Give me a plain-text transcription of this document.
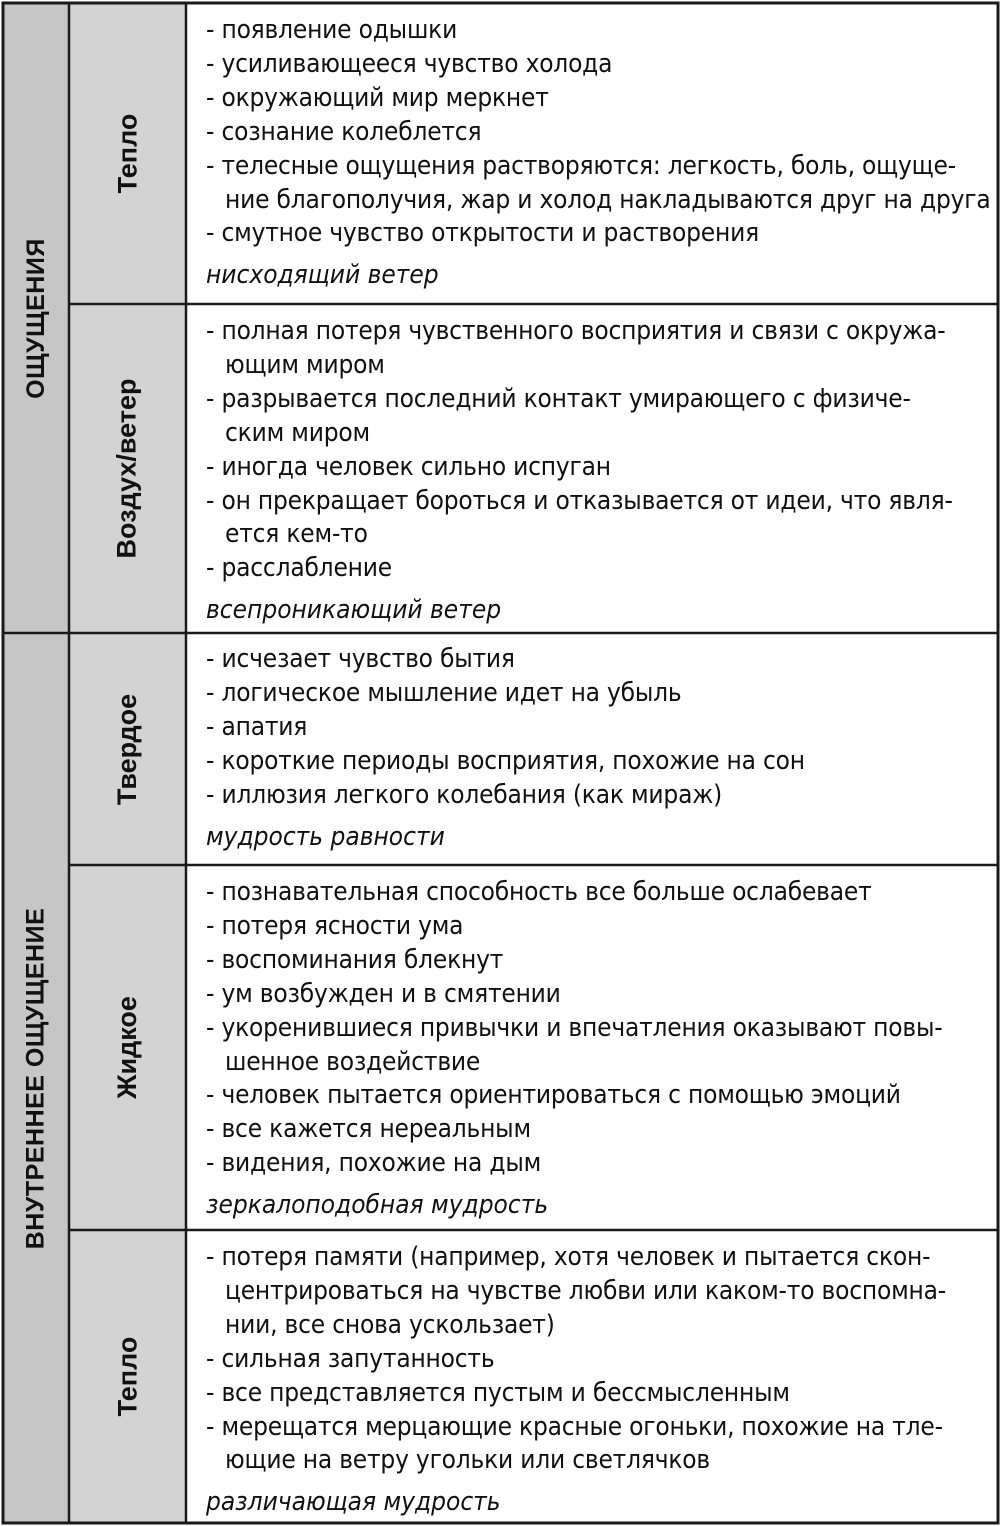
ОЩУЩЕНИЯ
ВНУТРЕННЕЕ ОЩУЩЕНИЕ
Тепло
Воздух/ветер
Твердое
Жидкое
Тепло
- появление одышки
- усиливающееся чувство холода
- окружающий мир меркнет
- сознание колеблется
- телесные ощущения растворяются: легкость, боль, ощуще-
ние благополучия, жар и холод накладываются друг на друга
- смутное чувство открытости и растворения
нисходящий ветер
- полная потеря чувственного восприятия и связи с окружа-
ющим миром
- разрывается последний контакт умирающего с физиче-
ским миром
- иногда человек сильно испуган
- он прекращает бороться и отказывается от идеи, что явля-
ется кем-то
- расслабление
всепроникающий ветер
- исчезает чувство бытия
- логическое мышление идет на убыль
- апатия
- короткие периоды восприятия, похожие на сон
- иллюзия легкого колебания (как мираж)
мудрость равности
- познавательная способность все больше ослабевает
- потеря ясности ума
- воспоминания блекнут
- ум возбужден и в смятении
- укоренившиеся привычки и впечатления оказывают повы-
шенное воздействие
- человек пытается ориентироваться с помощью эмоций
- все кажется нереальным
- видения, похожие на дым
зеркалоподобная мудрость
- потеря памяти (например, хотя человек и пытается скон-
центрироваться на чувстве любви или каком-то воспомна-
нии, все снова ускользает)
- сильная запутанность
- все представляется пустым и бессмысленным
- мерещатся мерцающие красные огоньки, похожие на тле-
ющие на ветру угольки или светлячков
различающая мудрость
